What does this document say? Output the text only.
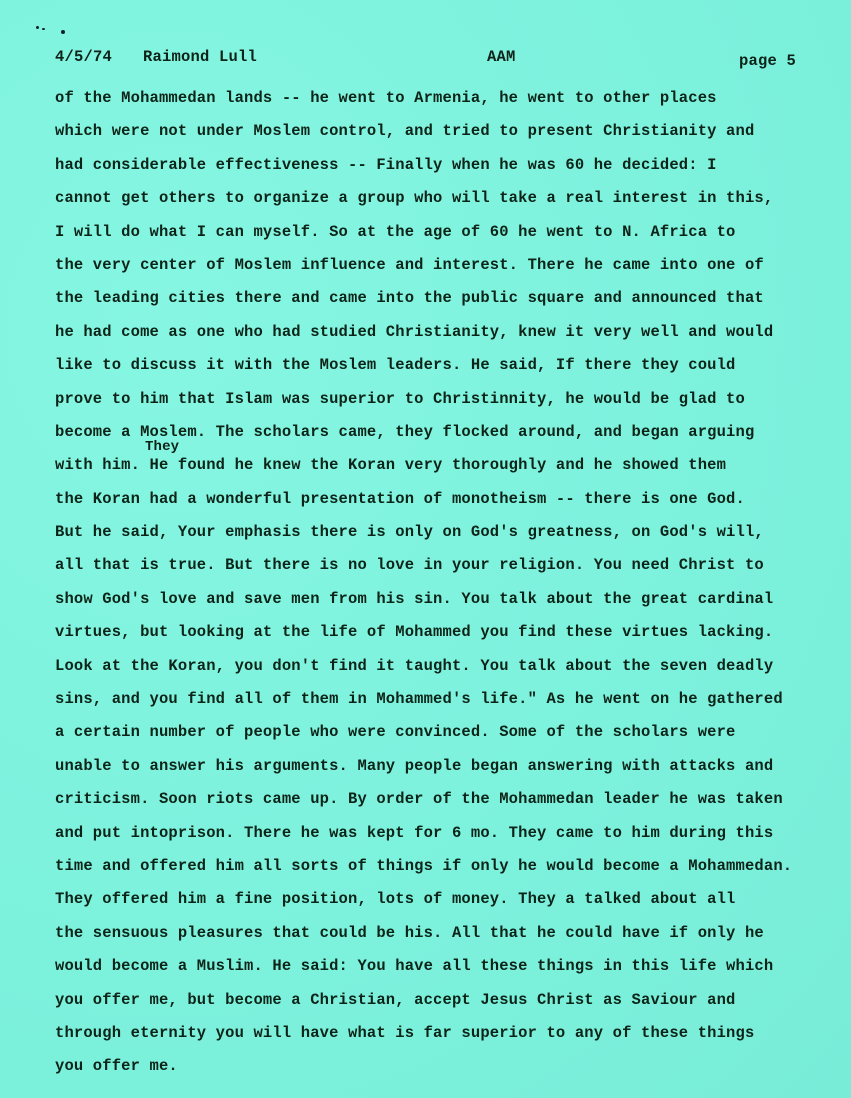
4/5/74 Raimond Lull	AAM	page 5
of the Mohammedan lands -- he went to Armenia, he went to other places
which were not under Moslem control, and tried to present Christianity and
had considerable effectiveness -- Finally when he was 60 he decided: I
cannot get others to organize a group who will take a real interest in this,
I will do what I can myself. So at the age of 60 he went to N. Africa to
the very center of Moslem influence and interest. There he came into one of
the leading cities there and came into the public square and announced that
he had come as one who had studied Christianity, knew it very well and would
like to discuss it with the Moslem leaders. He said, If there they could
prove to him that Islam was superior to Christinnity, he would be glad to
become a Moslem. The scholars came, they flocked around, and began arguing
with him. He found he knew the Koran very thoroughly and he showed them
They
the Koran had a wonderful presentation of monotheism -- there is one God.
But he said, Your emphasis there is only on God's greatness, on God's will,
all that is true. But there is no love in your religion. You need Christ to
show God's love and save men from his sin. You talk about the great cardinal
virtues, but looking at the life of Mohammed you find these virtues lacking.
Look at the Koran, you don't find it taught. You talk about the seven deadly
sins, and you find all of them in Mohammed's life." As he went on he gathered
a certain number of people who were convinced. Some of the scholars were
unable to answer his arguments. Many people began answering with attacks and
criticism. Soon riots came up. By order of the Mohammedan leader he was taken
and put intoprison. There he was kept for 6 mo. They came to him during this
time and offered him all sorts of things if only he would become a Mohammedan.
They offered him a fine position, lots of money. They a talked about all
the sensuous pleasures that could be his. All that he could have if only he
would become a Muslim. He said: You have all these things in this life which
you offer me, but become a Christian, accept Jesus Christ as Saviour and
through eternity you will have what is far superior to any of these things
you offer me.
